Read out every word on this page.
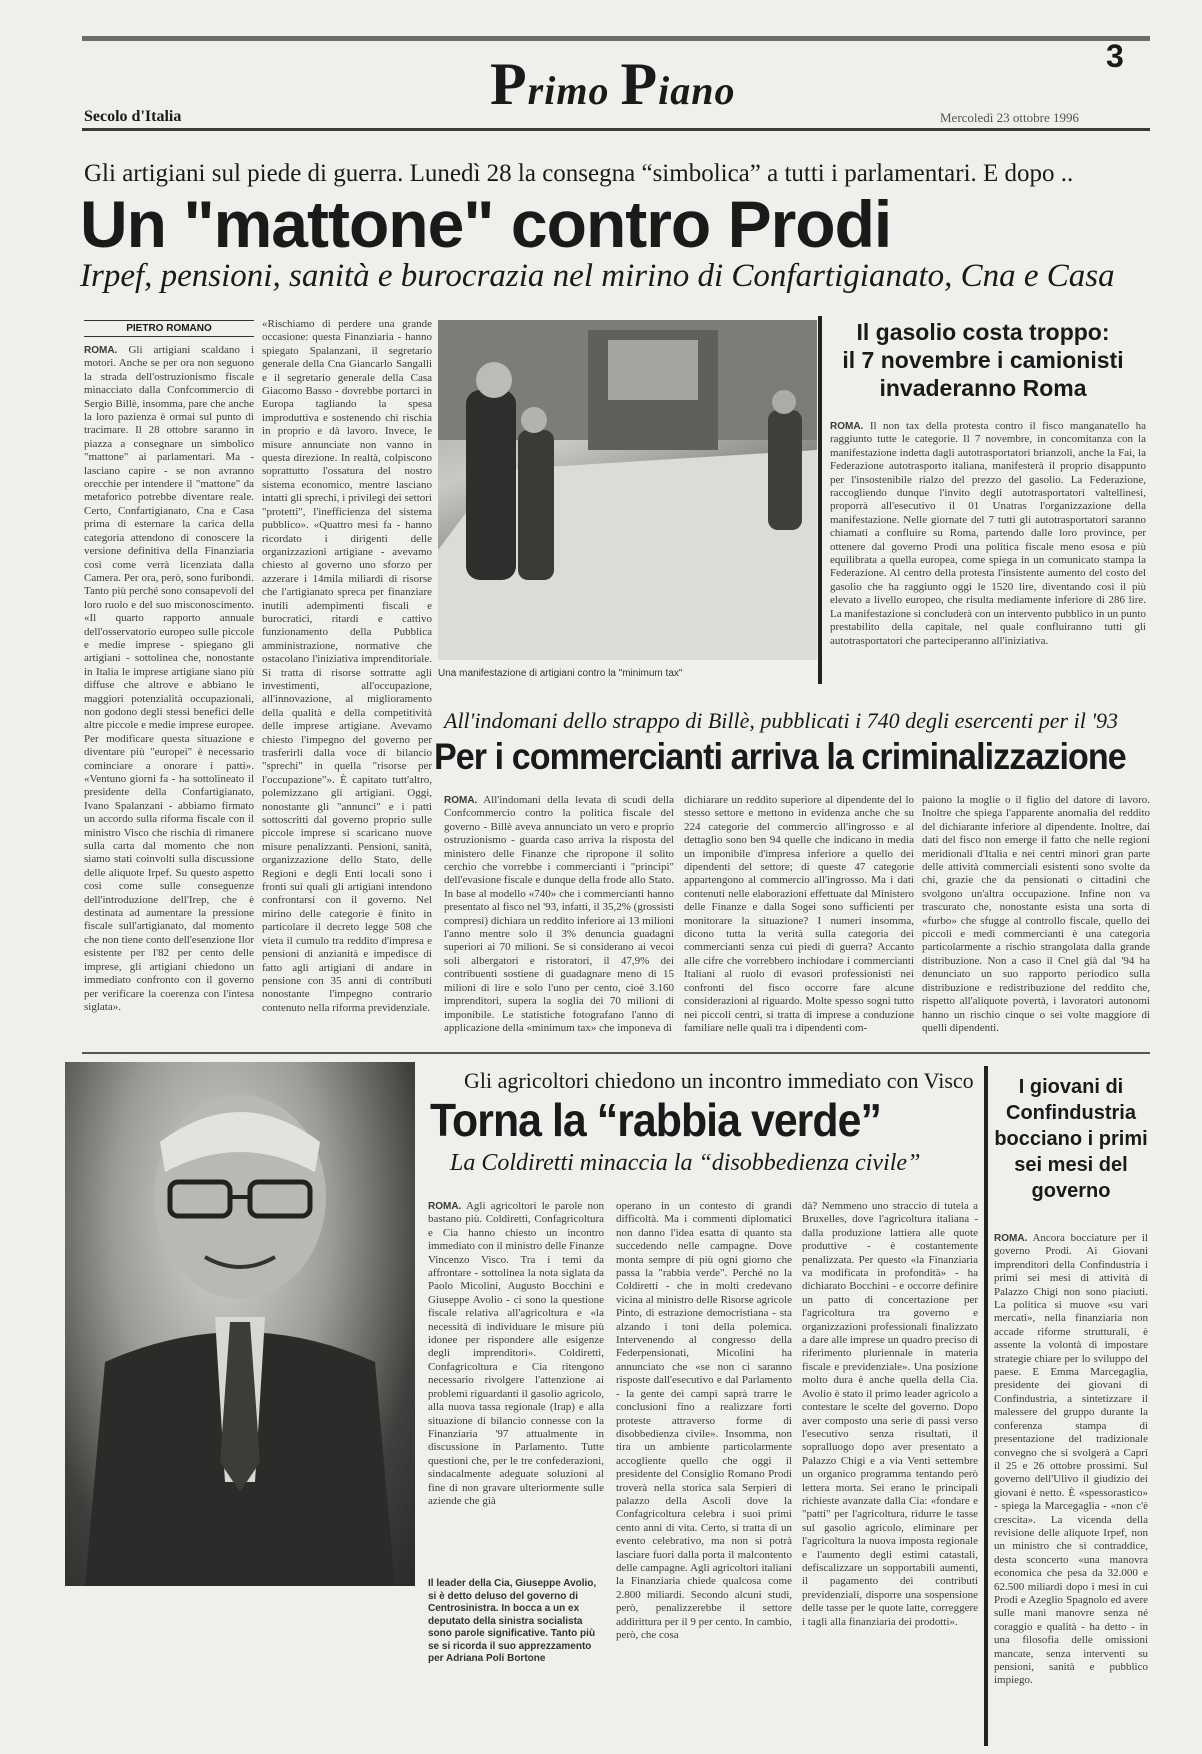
Primo Piano
3
Secolo d'Italia	Mercoledì 23 ottobre 1996
Gli artigiani sul piede di guerra. Lunedì 28 la consegna “simbolica” a tutti i parlamentari. E dopo ..
Un "mattone" contro Prodi
Irpef, pensioni, sanità e burocrazia nel mirino di Confartigianato, Cna e Casa
PIETRO ROMANO
ROMA. Gli artigiani scaldano i motori. Anche se per ora non seguono la strada dell'ostruzionismo fiscale minacciato dalla Confcommercio di Sergio Billè, insomma, pare che anche la loro pazienza è ormai sul punto di tracimare. Il 28 ottobre saranno in piazza a consegnare un simbolico "mattone" ai parlamentari. Ma - lasciano capire - se non avranno orecchie per intendere il "mattone" da metaforico potrebbe diventare reale. Certo, Confartigianato, Cna e Casa prima di esternare la carica della categoria attendono di conoscere la versione definitiva della Finanziaria così come verrà licenziata dalla Camera. Per ora, però, sono furibondi. Tanto più perché sono consapevoli del loro ruolo e del suo misconoscimento. «Il quarto rapporto annuale dell'osservatorio europeo sulle piccole e medie imprese - spiegano gli artigiani - sottolinea che, nonostante in Italia le imprese artigiane siano più diffuse che altrove e abbiano le maggiori potenzialità occupazionali, non godono degli stessi benefici delle altre piccole e medie imprese europee. Per modificare questa situazione e diventare più "europei" è necessario cominciare a onorare i patti». «Ventuno giorni fa - ha sottolineato il presidente della Confartigianato, Ivano Spalanzani - abbiamo firmato un accordo sulla riforma fiscale con il ministro Visco che rischia di rimanere sulla carta dal momento che non siamo stati coinvolti sulla discussione delle aliquote Irpef. Su questo aspetto così come sulle conseguenze dell'introduzione dell'Irep, che è destinata ad aumentare la pressione fiscale sull'artigianato, dal momento che non tiene conto dell'esenzione Ilor esistente per l'82 per cento delle imprese, gli artigiani chiedono un immediato confronto con il governo per verificare la coerenza con l'intesa siglata».
«Rischiamo di perdere una grande occasione: questa Finanziaria - hanno spiegato Spalanzani, il segretario generale della Cna Giancarlo Sangalli e il segretario generale della Casa Giacomo Basso - dovrebbe portarci in Europa tagliando la spesa improduttiva e sostenendo chi rischia in proprio e dà lavoro. Invece, le misure annunciate non vanno in questa direzione. In realtà, colpiscono soprattutto l'ossatura del nostro sistema economico, mentre lasciano intatti gli sprechi, i privilegi dei settori "protetti", l'inefficienza del sistema pubblico». «Quattro mesi fa - hanno ricordato i dirigenti delle organizzazioni artigiane - avevamo chiesto al governo uno sforzo per azzerare i 14mila miliardi di risorse che l'artigianato spreca per finanziare inutili adempimenti fiscali e burocratici, ritardi e cattivo funzionamento della Pubblica amministrazione, normative che ostacolano l'iniziativa imprenditoriale. Si tratta di risorse sottratte agli investimenti, all'occupazione, all'innovazione, al miglioramento della qualità e della competitività delle imprese artigiane. Avevamo chiesto l'impegno del governo per trasferirli dalla voce di bilancio "sprechi" in quella "risorse per l'occupazione"». È capitato tutt'altro, polemizzano gli artigiani. Oggi, nonostante gli "annunci" e i patti sottoscritti dal governo proprio sulle piccole imprese si scaricano nuove misure penalizzanti. Pensioni, sanità, organizzazione dello Stato, delle Regioni e degli Enti locali sono i fronti sui quali gli artigiani intendono confrontarsi con il governo. Nel mirino delle categorie è finito in particolare il decreto legge 508 che vieta il cumulo tra reddito d'impresa e pensioni di anzianità e impedisce di fatto agli artigiani di andare in pensione con 35 anni di contributi nonostante l'impegno contrario contenuto nella riforma previdenziale.
Una manifestazione di artigiani contro la "minimum tax"
Il gasolio costa troppo:
il 7 novembre i camionisti
invaderanno Roma
ROMA. Il non tax della protesta contro il fisco manganatello ha raggiunto tutte le categorie. Il 7 novembre, in concomitanza con la manifestazione indetta dagli autotrasportatori brianzoli, anche la Fai, la Federazione autotrasporto italiana, manifesterà il proprio disappunto per l'insostenibile rialzo del prezzo del gasolio. La Federazione, raccogliendo dunque l'invito degli autotrasportatori valtellinesi, proporrà all'esecutivo il 01 Unatras l'organizzazione della manifestazione. Nelle giornate del 7 tutti gli autotrasportatori saranno chiamati a confluire su Roma, partendo dalle loro province, per ottenere dal governo Prodi una politica fiscale meno esosa e più equilibrata a quella europea, come spiega in un comunicato stampa la Federazione. Al centro della protesta l'insistente aumento del costo del gasolio che ha raggiunto oggi le 1520 lire, diventando così il più elevato a livello europeo, che risulta mediamente inferiore di 286 lire. La manifestazione si concluderà con un intervento pubblico in un punto prestabilito della capitale, nel quale confluiranno tutti gli autotrasportatori che parteciperanno all'iniziativa.
All'indomani dello strappo di Billè, pubblicati i 740 degli esercenti per il '93
Per i commercianti arriva la criminalizzazione
ROMA. All'indomani della levata di scudi della Confcommercio contro la politica fiscale del governo - Billè aveva annunciato un vero e proprio ostruzionismo - guarda caso arriva la risposta del ministero delle Finanze che ripropone il solito cerchio che vorrebbe i commercianti i "principi" dell'evasione fiscale e dunque della frode allo Stato. In base al modello «740» che i commercianti hanno presentato al fisco nel '93, infatti, il 35,2% (grossisti compresi) dichiara un reddito inferiore ai 13 milioni l'anno mentre solo il 3% denuncia guadagni superiori ai 70 milioni. Se si considerano ai vecoi soli albergatori e ristoratori, il 47,9% dei contribuenti sostiene di guadagnare meno di 15 milioni di lire e solo l'uno per cento, cioè 3.160 imprenditori, supera la soglia dei 70 milioni di imponibile. Le statistiche fotografano l'anno di applicazione della «minimum tax» che imponeva di
dichiarare un reddito superiore al dipendente del lo stesso settore e mettono in evidenza anche che su 224 categorie del commercio all'ingrosso e al dettaglio sono ben 94 quelle che indicano in media un imponibile d'impresa inferiore a quello dei dipendenti del settore; di queste 47 categorie appartengono al commercio all'ingrosso. Ma i dati contenuti nelle elaborazioni effettuate dal Ministero delle Finanze e dalla Sogei sono sufficienti per monitorare la situazione? I numeri insomma, dicono tutta la verità sulla categoria dei commercianti senza cui piedi di guerra? Accanto alle cifre che vorrebbero inchiodare i commercianti Italiani al ruolo di evasori professionisti nei confronti del fisco occorre fare alcune considerazioni al riguardo. Molte spesso sogni tutto nei piccoli centri, si tratta di imprese a conduzione familiare nelle quali tra i dipendenti com-
paiono la moglie o il figlio del datore di lavoro. Inoltre che spiega l'apparente anomalia del reddito del dichiarante inferiore al dipendente. Inoltre, dai dati del fisco non emerge il fatto che nelle regioni meridionali d'Italia e nei centri minori gran parte delle attività commerciali esistenti sono svolte da chi, grazie che da pensionati o cittadini che svolgono un'altra occupazione. Infine non va trascurato che, nonostante esista una sorta di «furbo» che sfugge al controllo fiscale, quello dei piccoli e medi commercianti è una categoria particolarmente a rischio strangolata dalla grande distribuzione. Non a caso il Cnel già dal '94 ha denunciato un suo rapporto periodico sulla distribuzione e redistribuzione del reddito che, rispetto all'aliquote povertà, i lavoratori autonomi hanno un rischio cinque o sei volte maggiore di quelli dipendenti.
Il leader della Cia, Giuseppe Avolio, si è detto deluso del governo di Centrosinistra. In bocca a un ex deputato della sinistra socialista sono parole significative. Tanto più se si ricorda il suo apprezzamento per Adriana Poli Bortone
Gli agricoltori chiedono un incontro immediato con Visco
Torna la “rabbia verde”
La Coldiretti minaccia la “disobbedienza civile”
ROMA. Agli agricoltori le parole non bastano più. Coldiretti, Confagricoltura e Cia hanno chiesto un incontro immediato con il ministro delle Finanze Vincenzo Visco. Tra i temi da affrontare - sottolinea la nota siglata da Paolo Micolini, Augusto Bocchini e Giuseppe Avolio - ci sono la questione fiscale relativa all'agricoltura e «la necessità di individuare le misure più idonee per rispondere alle esigenze degli imprenditori». Coldiretti, Confagricoltura e Cia ritengono necessario rivolgere l'attenzione ai problemi riguardanti il gasolio agricolo, alla nuova tassa regionale (Irap) e alla situazione di bilancio connesse con la Finanziaria '97 attualmente in discussione in Parlamento. Tutte questioni che, per le tre confederazioni, sindacalmente adeguate soluzioni al fine di non gravare ulteriormente sulle aziende che già
operano in un contesto di grandi difficoltà. Ma i commenti diplomatici non danno l'idea esatta di quanto sta succedendo nelle campagne. Dove monta sempre di più ogni giorno che passa la "rabbia verde". Perché no la Coldiretti - che in molti credevano vicina al ministro delle Risorse agricole Pinto, di estrazione democristiana - sta alzando i toni della polemica. Intervenendo al congresso della Federpensionati, Micolini ha annunciato che «se non ci saranno risposte dall'esecutivo e dal Parlamento - la gente dei campi saprà trarre le conclusioni fino a realizzare forti proteste attraverso forme di disobbedienza civile». Insomma, non tira un ambiente particolarmente accogliente quello che oggi il presidente del Consiglio Romano Prodi troverà nella storica sala Serpieri di palazzo della Ascoli dove la Confagricoltura celebra i suoi primi cento anni di vita. Certo, si tratta di un evento celebrativo, ma non si potrà lasciare fuori dalla porta il malcontento delle campagne. Agli agricoltori italiani la Finanziaria chiede qualcosa come 2.800 miliardi. Secondo alcuni studi, però, penalizzerebbe il settore addirittura per il 9 per cento. In cambio, però, che cosa
dà? Nemmeno uno straccio di tutela a Bruxelles, dove l'agricoltura italiana - dalla produzione lattiera alle quote produttive - è costantemente penalizzata. Per questo «la Finanziaria va modificata in profondità» - ha dichiarato Bocchini - e occorre definire un patto di concertazione per l'agricoltura tra governo e organizzazioni professionali finalizzato a dare alle imprese un quadro preciso di riferimento pluriennale in materia fiscale e previdenziale». Una posizione molto dura è anche quella della Cia. Avolio è stato il primo leader agricolo a contestare le scelte del governo. Dopo aver composto una serie di passi verso l'esecutivo senza risultati, il sopralluogo dopo aver presentato a Palazzo Chigi e a via Venti settembre un organico programma tentando però lettera morta. Sei erano le principali richieste avanzate dalla Cia: «fondare e "patti" per l'agricoltura, ridurre le tasse sul gasolio agricolo, eliminare per l'agricoltura la nuova imposta regionale e l'aumento degli estimi catastali, defiscalizzare un sopportabili aumenti, il pagamento dei contributi previdenziali, disporre una sospensione delle tasse per le quote latte, correggere i tagli alla finanziaria dei prodotti».
I giovani di Confindustria bocciano i primi sei mesi del governo
ROMA. Ancora bocciature per il governo Prodi. Ai Giovani imprenditori della Confindustria i primi sei mesi di attività di Palazzo Chigi non sono piaciuti. La politica si muove «su vari mercati», nella finanziaria non accade riforme strutturali, è assente la volontà di impostare strategie chiare per lo sviluppo del paese. E Emma Marcegaglia, presidente dei giovani di Confindustria, a sintetizzare il malessere del gruppo durante la conferenza stampa di presentazione del tradizionale convegno che si svolgerà a Capri il 25 e 26 ottobre prossimi. Sul governo dell'Ulivo il giudizio dei giovani è netto. È «spessorastico» - spiega la Marcegaglia - «non c'è crescita». La vicenda della revisione delle aliquote Irpef, non un ministro che si contraddice, desta sconcerto «una manovra economica che pesa da 32.000 e 62.500 miliardi dopo i mesi in cui Prodi e Azeglio Spagnolo ed avere sulle mani manovre senza né coraggio e qualità - ha detto - in una filosofia delle omissioni mancate, senza interventi su pensioni, sanità e pubblico impiego.
